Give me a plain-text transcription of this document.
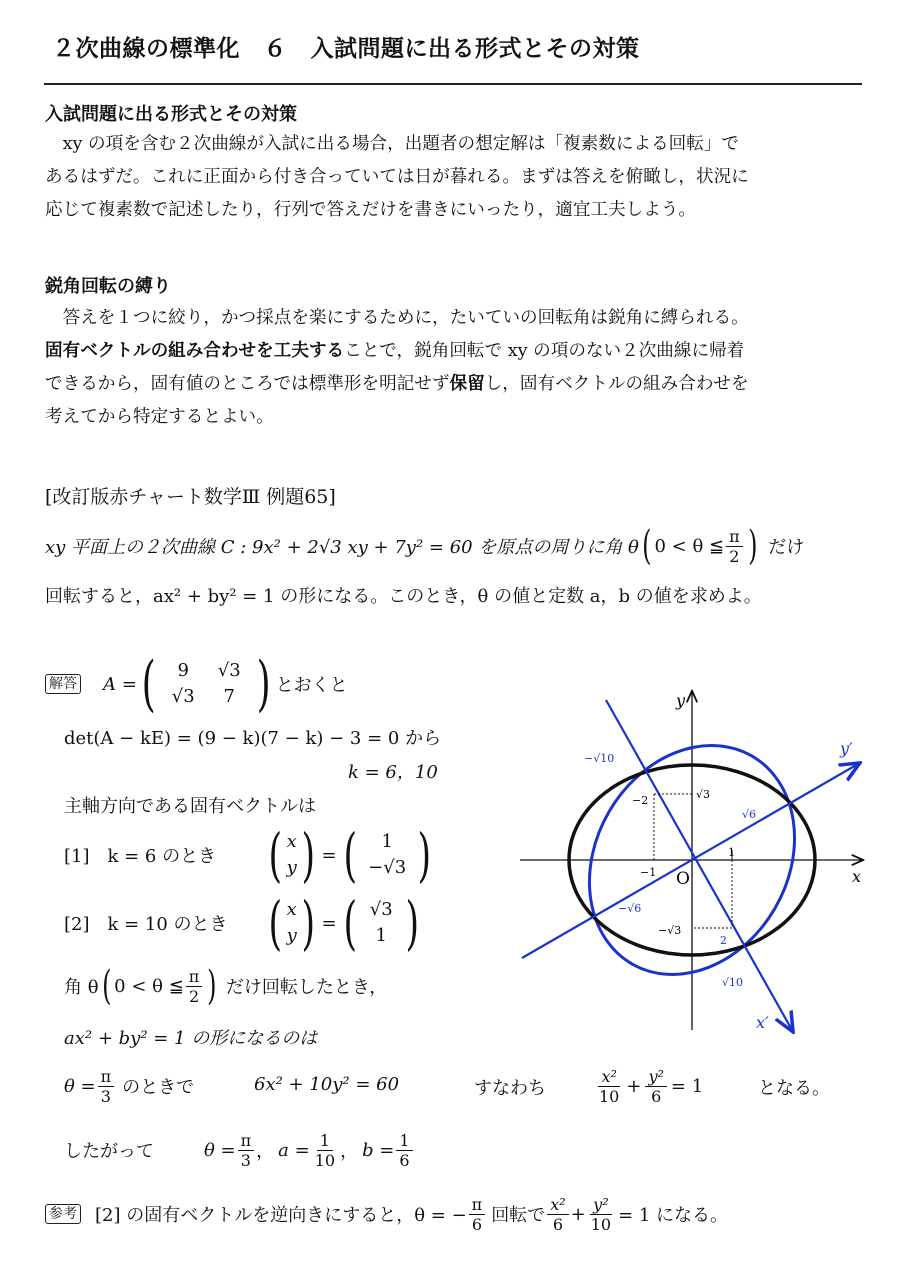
２次曲線の標準化　６　入試問題に出る形式とその対策
入試問題に出る形式とその対策

　xy の項を含む２次曲線が入試に出る場合，出題者の想定解は「複素数による回転」で

あるはずだ。これに正面から付き合っていては日が暮れる。まずは答えを俯瞰し，状況に

応じて複素数で記述したり，行列で答えだけを書きにいったり，適宜工夫しよう。

鋭角回転の縛り

　答えを１つに絞り，かつ採点を楽にするために，たいていの回転角は鋭角に縛られる。

固有ベクトルの組み合わせを工夫することで，鋭角回転で xy の項のない２次曲線に帰着

できるから，固有値のところでは標準形を明記せず保留し，固有ベクトルの組み合わせを

考えてから特定するとよい。

[改訂版赤チャート数学Ⅲ 例題65]
xy 平面上の２次曲線 C : 9x² + 2√3 xy + 7y² = 60 を原点の周りに角 θ ( 0 < θ ≦ $\frac{\pi}{2}$ ) だけ
回転すると，ax² + by² = 1 の形になる。このとき，θ の値と定数 a，b の値を求めよ。
解答 A = (	9	√3
√3	7 ) とおくと
det(A − kE) = (9 − k)(7 − k) − 3 = 0 から
k = 6，10
主軸方向である固有ベクトルは
[1]　k = 6 のとき ( x
y ) = (	1
−√3 )
[2]　k = 10 のとき ( x
y ) = ( √3
1 )
角 θ ( 0 < θ ≦ $\frac{\pi}{2}$ ) だけ回転したとき，
ax² + by² = 1 の形になるのは

$\theta = \frac{\pi}{3}$ のときで

	6x² + 10y² = 60

	すなわち

	$\frac{\text{x²}}{10} + \frac{\text{y²}}{6} = 1$

	となる。

したがって	$\theta = \frac{\pi}{3}$ ， $a = \frac{1}{10}$ ， $b = \frac{1}{6}$
参考 [2] の固有ベクトルを逆向きにすると，θ = − $\frac{\pi}{6}$ 回転で $\frac{\text{x²}}{6} + \frac{\text{y²}}{10} = 1$ になる。
x
y
y′
x′
O
−√10
−2	√3
√6
1
−1
−√6
−√3
2
√10
